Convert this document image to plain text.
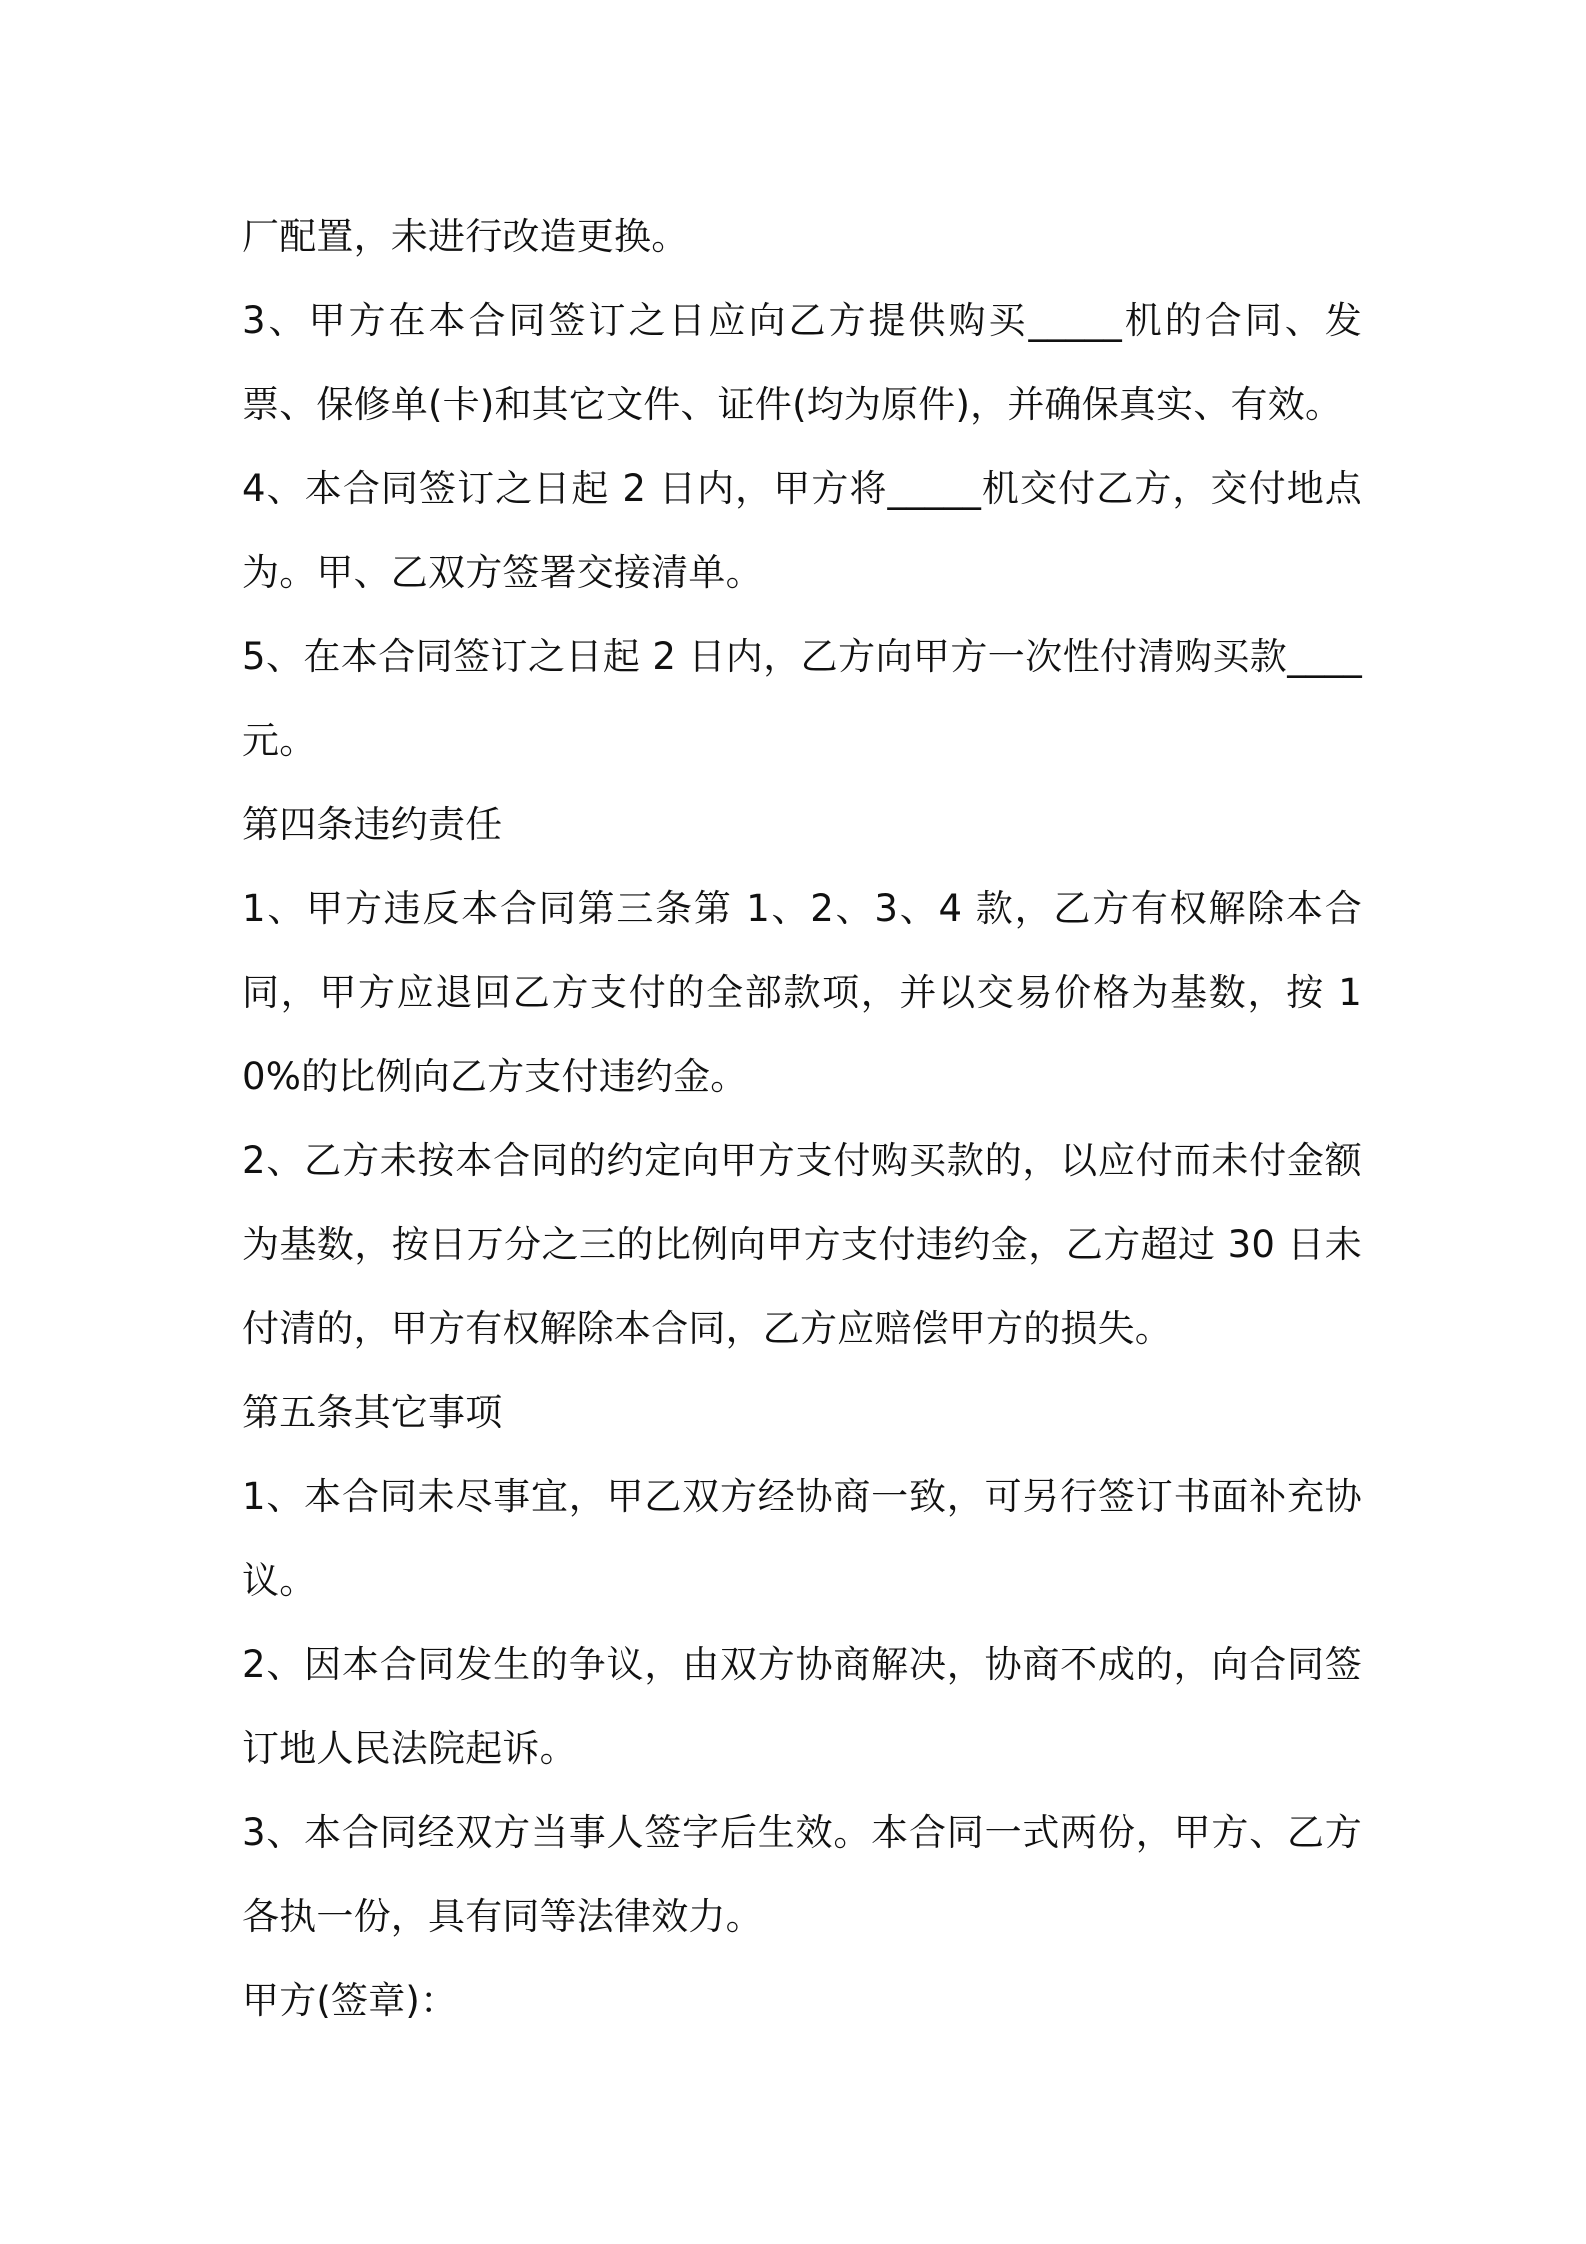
厂配置，未进行改造更换。

3、甲方在本合同签订之日应向乙方提供购买_____机的合同、发票、保修单(卡)和其它文件、证件(均为原件)，并确保真实、有效。

4、本合同签订之日起 2 日内，甲方将_____机交付乙方，交付地点为。甲、乙双方签署交接清单。

5、在本合同签订之日起 2 日内，乙方向甲方一次性付清购买款____元。

第四条违约责任

1、甲方违反本合同第三条第 1、2、3、4 款，乙方有权解除本合同，甲方应退回乙方支付的全部款项，并以交易价格为基数，按 10%的比例向乙方支付违约金。

2、乙方未按本合同的约定向甲方支付购买款的，以应付而未付金额为基数，按日万分之三的比例向甲方支付违约金，乙方超过 30 日未付清的，甲方有权解除本合同，乙方应赔偿甲方的损失。

第五条其它事项

1、本合同未尽事宜，甲乙双方经协商一致，可另行签订书面补充协议。

2、因本合同发生的争议，由双方协商解决，协商不成的，向合同签订地人民法院起诉。

3、本合同经双方当事人签字后生效。本合同一式两份，甲方、乙方各执一份，具有同等法律效力。

甲方(签章)：
